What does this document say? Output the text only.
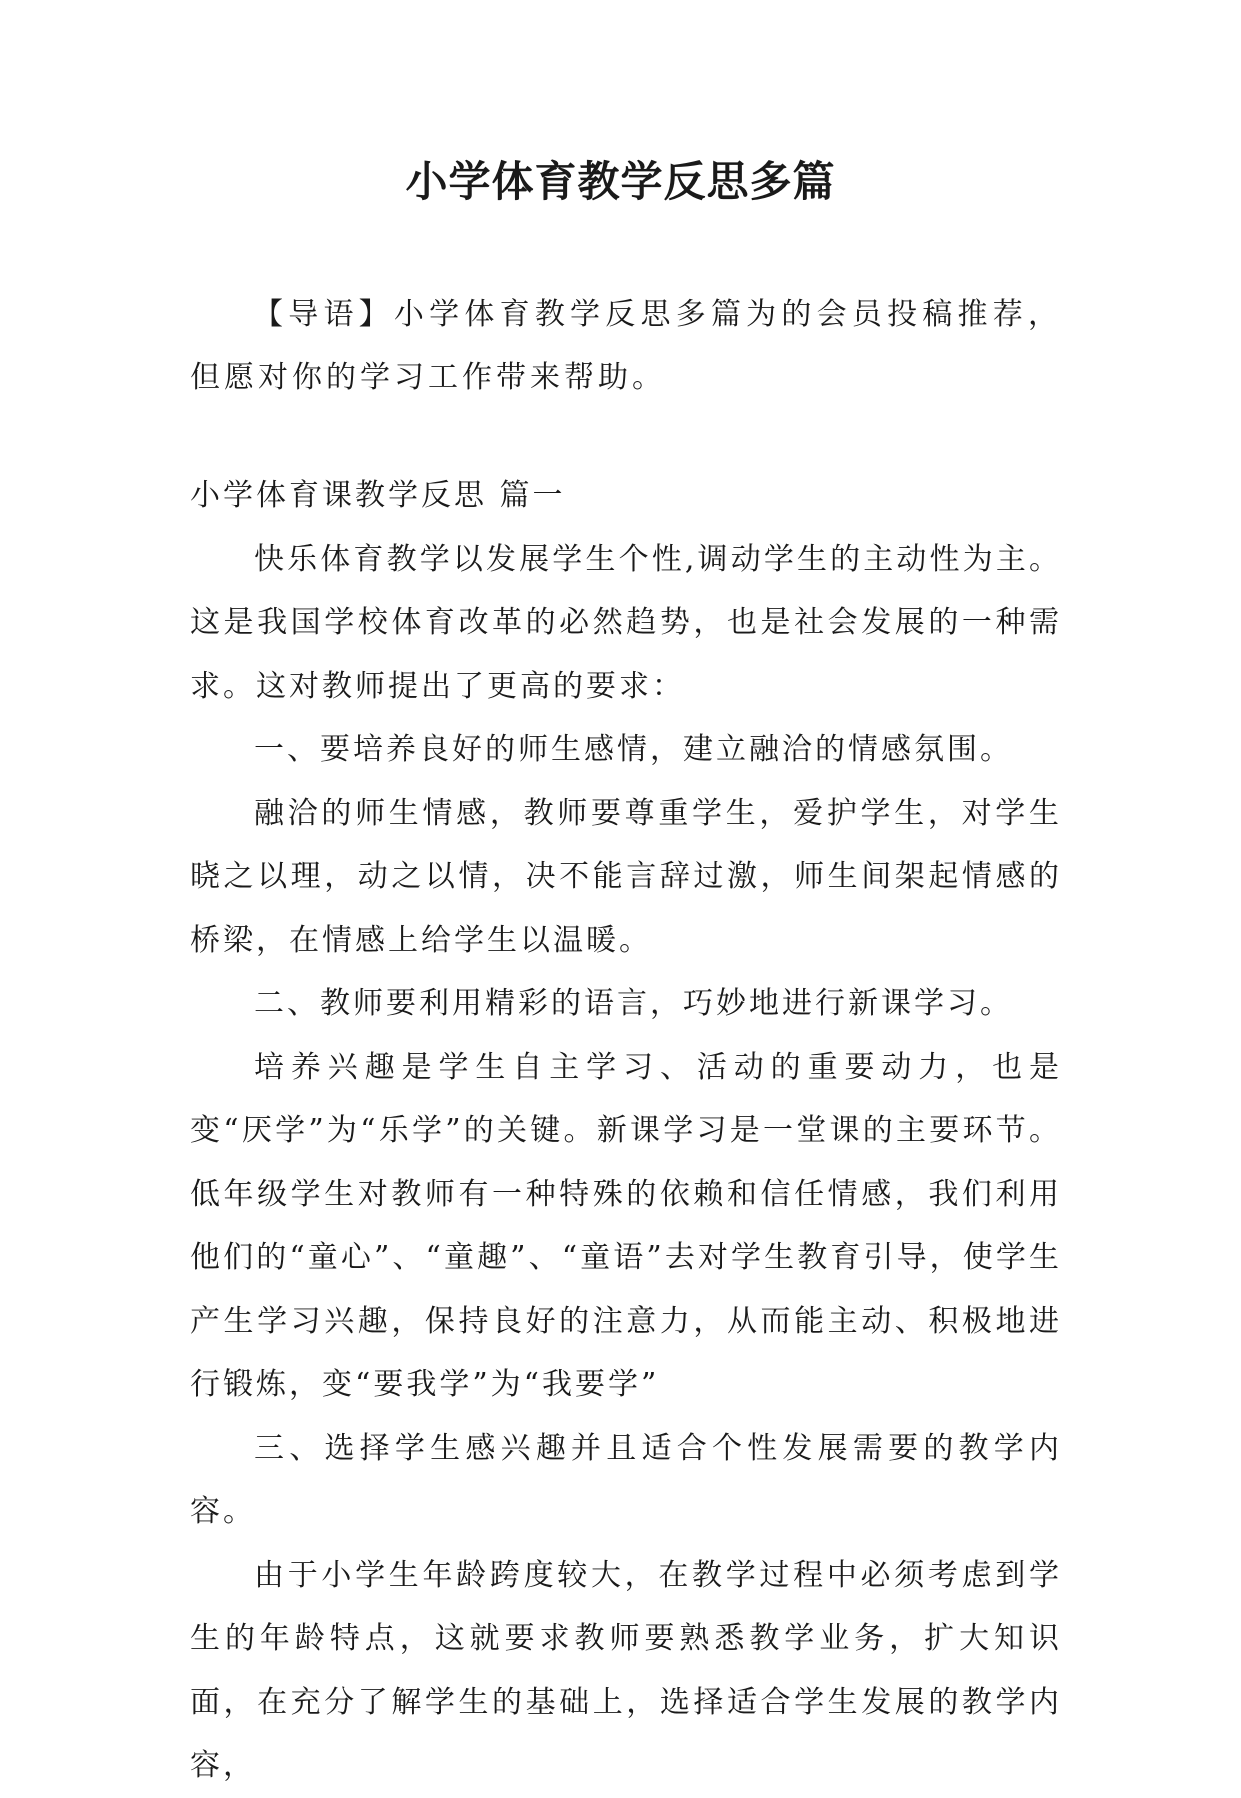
小学体育教学反思多篇

【导语】小学体育教学反思多篇为的会员投稿推荐，但愿对你的学习工作带来帮助。

小学体育课教学反思 篇一

快乐体育教学以发展学生个性,调动学生的主动性为主。这是我国学校体育改革的必然趋势，也是社会发展的一种需求。这对教师提出了更高的要求：

一、要培养良好的师生感情，建立融洽的情感氛围。

融洽的师生情感，教师要尊重学生，爱护学生，对学生晓之以理，动之以情，决不能言辞过激，师生间架起情感的桥梁，在情感上给学生以温暖。

二、教师要利用精彩的语言，巧妙地进行新课学习。

培养兴趣是学生自主学习、活动的重要动力，也是变“厌学”为“乐学”的关键。新课学习是一堂课的主要环节。低年级学生对教师有一种特殊的依赖和信任情感，我们利用他们的“童心”、“童趣”、“童语”去对学生教育引导，使学生产生学习兴趣，保持良好的注意力，从而能主动、积极地进行锻炼，变“要我学”为“我要学”

三、选择学生感兴趣并且适合个性发展需要的教学内容。

由于小学生年龄跨度较大，在教学过程中必须考虑到学生的年龄特点，这就要求教师要熟悉教学业务，扩大知识面，在充分了解学生的基础上，选择适合学生发展的教学内容，
